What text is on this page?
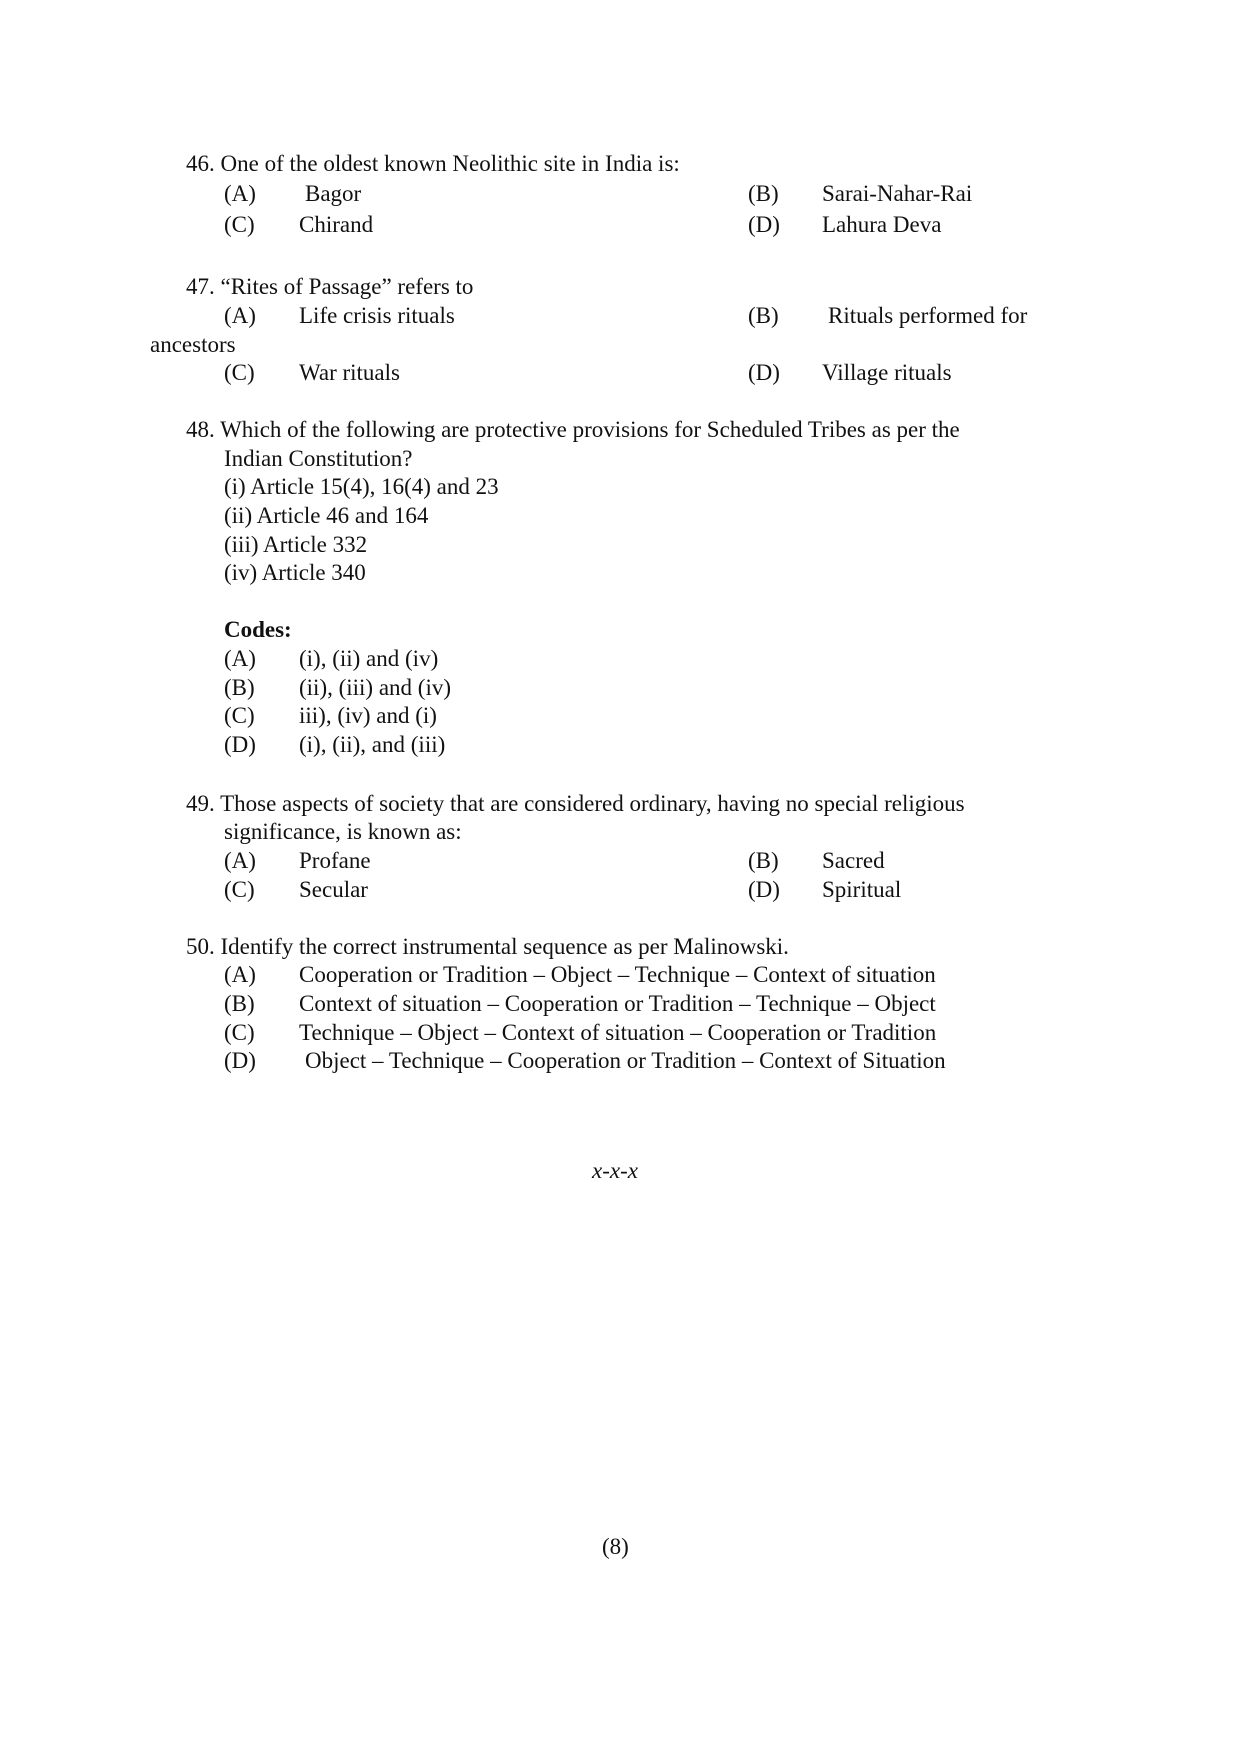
46. One of the oldest known Neolithic site in India is:
(A) Bagor	(B) Sarai-Nahar-Rai
(C) Chirand	(D) Lahura Deva
47. “Rites of Passage” refers to
(A) Life crisis rituals	(B) Rituals performed for
ancestors
(C) War rituals	(D) Village rituals
48. Which of the following are protective provisions for Scheduled Tribes as per the
Indian Constitution?
(i) Article 15(4), 16(4) and 23
(ii) Article 46 and 164
(iii) Article 332
(iv) Article 340
Codes:
(A) (i), (ii) and (iv)
(B) (ii), (iii) and (iv)
(C) iii), (iv) and (i)
(D) (i), (ii), and (iii)
49. Those aspects of society that are considered ordinary, having no special religious
significance, is known as:
(A) Profane	(B) Sacred
(C) Secular	(D) Spiritual
50. Identify the correct instrumental sequence as per Malinowski.
(A) Cooperation or Tradition – Object – Technique – Context of situation
(B) Context of situation – Cooperation or Tradition – Technique – Object
(C) Technique – Object – Context of situation – Cooperation or Tradition
(D) Object – Technique – Cooperation or Tradition – Context of Situation
x-x-x
(8)
